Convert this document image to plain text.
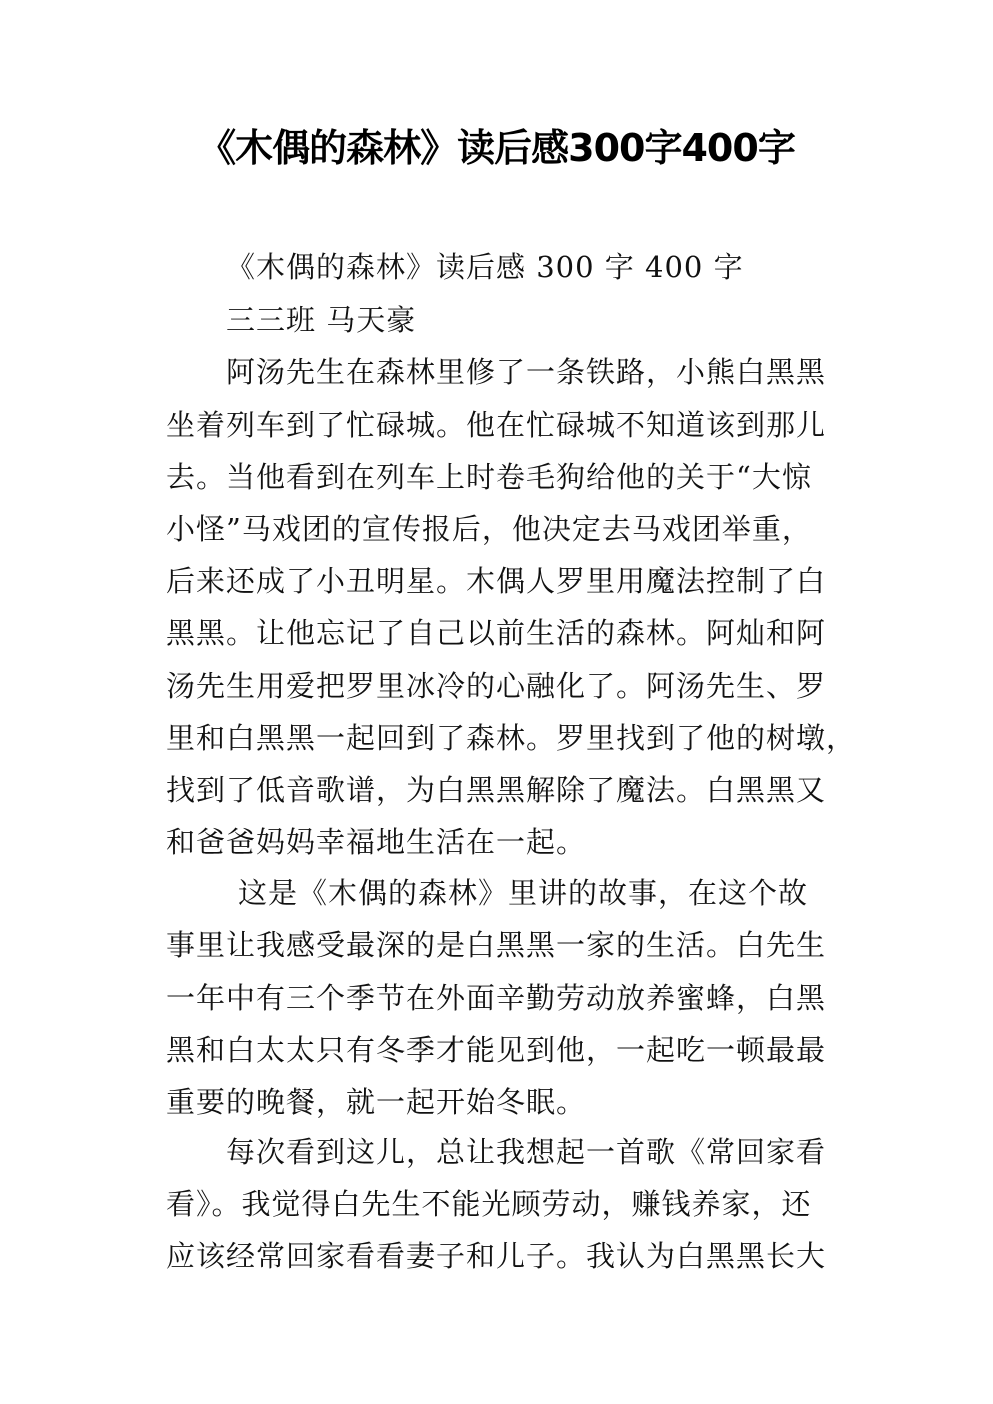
《木偶的森林》读后感300字400字
《木偶的森林》读后感 300 字 400 字
三三班 马天豪
阿汤先生在森林里修了一条铁路，小熊白黑黑
坐着列车到了忙碌城。他在忙碌城不知道该到那儿
去。当他看到在列车上时卷毛狗给他的关于“大惊
小怪”马戏团的宣传报后，他决定去马戏团举重，
后来还成了小丑明星。木偶人罗里用魔法控制了白
黑黑。让他忘记了自己以前生活的森林。阿灿和阿
汤先生用爱把罗里冰冷的心融化了。阿汤先生、罗
里和白黑黑一起回到了森林。罗里找到了他的树墩，
找到了低音歌谱，为白黑黑解除了魔法。白黑黑又
和爸爸妈妈幸福地生活在一起。
这是《木偶的森林》里讲的故事，在这个故
事里让我感受最深的是白黑黑一家的生活。白先生
一年中有三个季节在外面辛勤劳动放养蜜蜂，白黑
黑和白太太只有冬季才能见到他，一起吃一顿最最
重要的晚餐，就一起开始冬眠。
每次看到这儿，总让我想起一首歌《常回家看
看》。我觉得白先生不能光顾劳动，赚钱养家，还
应该经常回家看看妻子和儿子。我认为白黑黑长大
